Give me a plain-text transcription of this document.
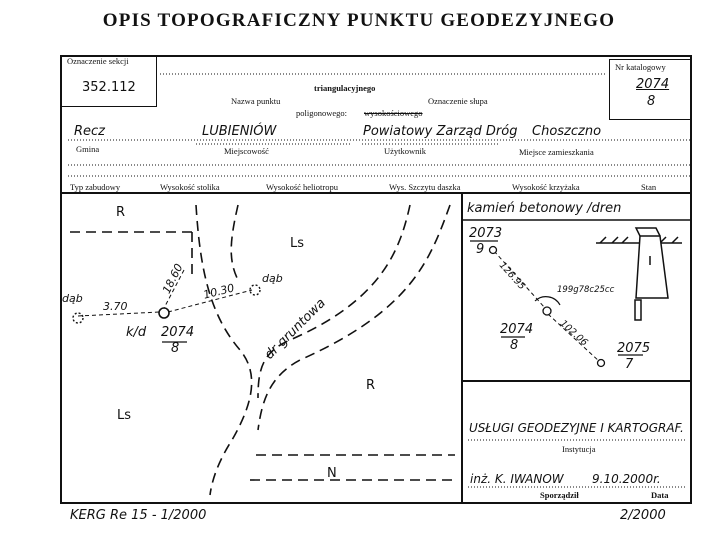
OPIS TOPOGRAFICZNY PUNKTU GEODEZYJNEGO
Oznaczenie sekcji
352.112
Nr katalogowy
2074
8
triangulacyjnego
Nazwa punktu	Oznaczenie słupa
poligonowego: wysokościowego
Recz	LUBIENIÓW	Powiatowy Zarząd Dróg Choszczno
Gmina	Miejscowość	Użytkownik	Miejsce zamieszkania
Typ zabudowy	Wysokość stolika	Wysokość heliotropu	Wys. Szczytu daszka	Wysokość krzyżaka	Stan
R
Ls
Ls
R
N
dr gruntowa
dąb
dąb
k/d 2074
8
3.70
18.60 10.30
kamień betonowy /dren
2073
9
2074
8	2075
7
126.95
102.06
199g78c25cc
USŁUGI GEODEZYJNE I KARTOGRAF.
Instytucja
inż. K. IWANOW 9.10.2000r.
Sporządził	Data
KERG Re 15 - 1/2000	2/2000
